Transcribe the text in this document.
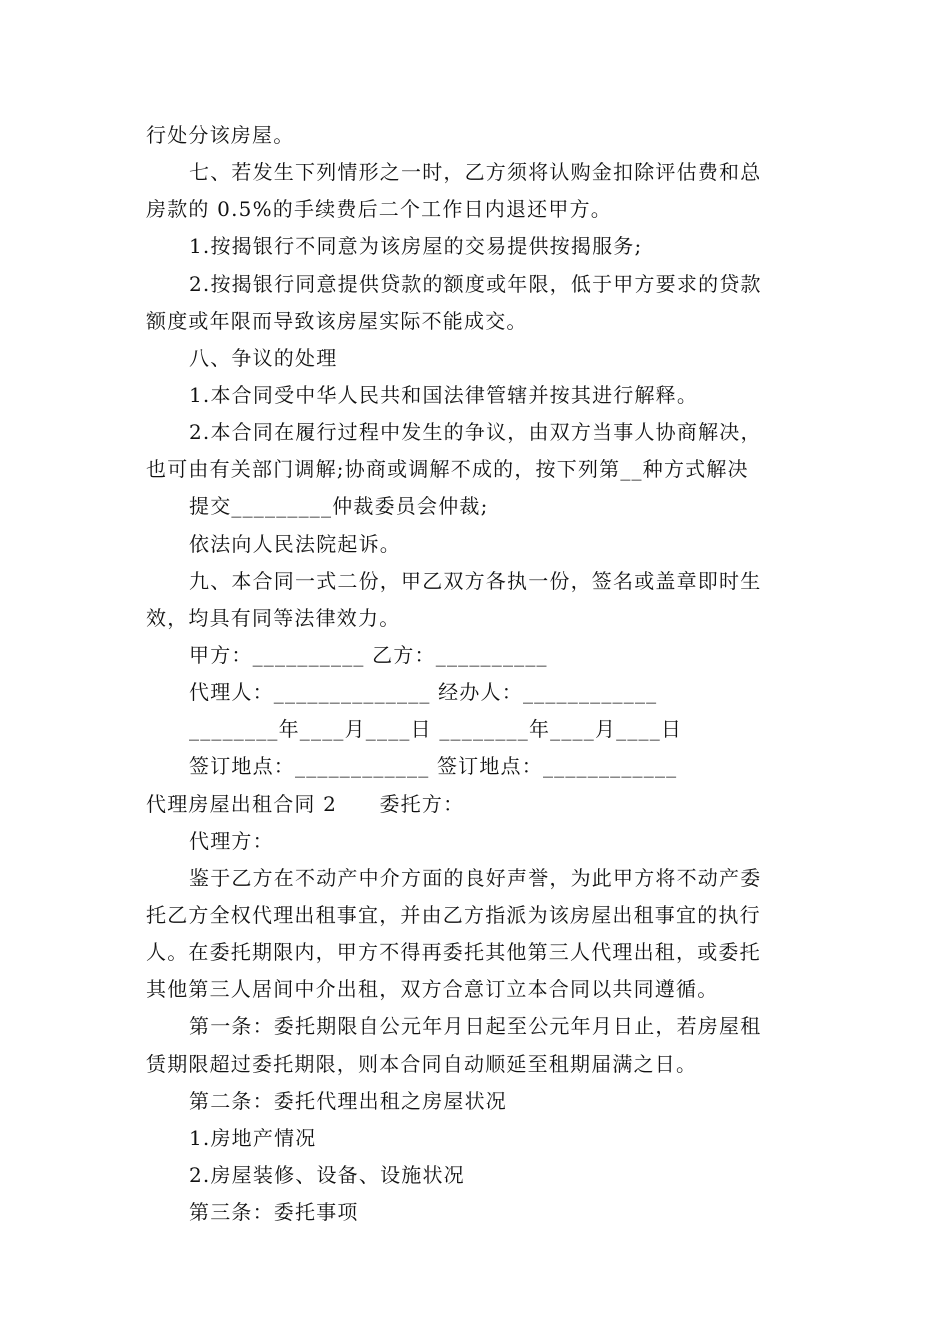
行处分该房屋。
七、若发生下列情形之一时，乙方须将认购金扣除评估费和总
房款的 0.5%的手续费后二个工作日内退还甲方。
1.按揭银行不同意为该房屋的交易提供按揭服务;
2.按揭银行同意提供贷款的额度或年限，低于甲方要求的贷款
额度或年限而导致该房屋实际不能成交。
八、争议的处理
1.本合同受中华人民共和国法律管辖并按其进行解释。
2.本合同在履行过程中发生的争议，由双方当事人协商解决，
也可由有关部门调解;协商或调解不成的，按下列第__种方式解决
提交_________仲裁委员会仲裁;
依法向人民法院起诉。
九、本合同一式二份，甲乙双方各执一份，签名或盖章即时生
效，均具有同等法律效力。
甲方：__________ 乙方：__________
代理人：______________ 经办人：____________
________年____月____日 ________年____月____日
签订地点：____________ 签订地点：____________
代理房屋出租合同 2　　委托方：
代理方：
鉴于乙方在不动产中介方面的良好声誉，为此甲方将不动产委
托乙方全权代理出租事宜，并由乙方指派为该房屋出租事宜的执行
人。在委托期限内，甲方不得再委托其他第三人代理出租，或委托
其他第三人居间中介出租，双方合意订立本合同以共同遵循。
第一条：委托期限自公元年月日起至公元年月日止，若房屋租
赁期限超过委托期限，则本合同自动顺延至租期届满之日。
第二条：委托代理出租之房屋状况
1.房地产情况
2.房屋装修、设备、设施状况
第三条：委托事项
